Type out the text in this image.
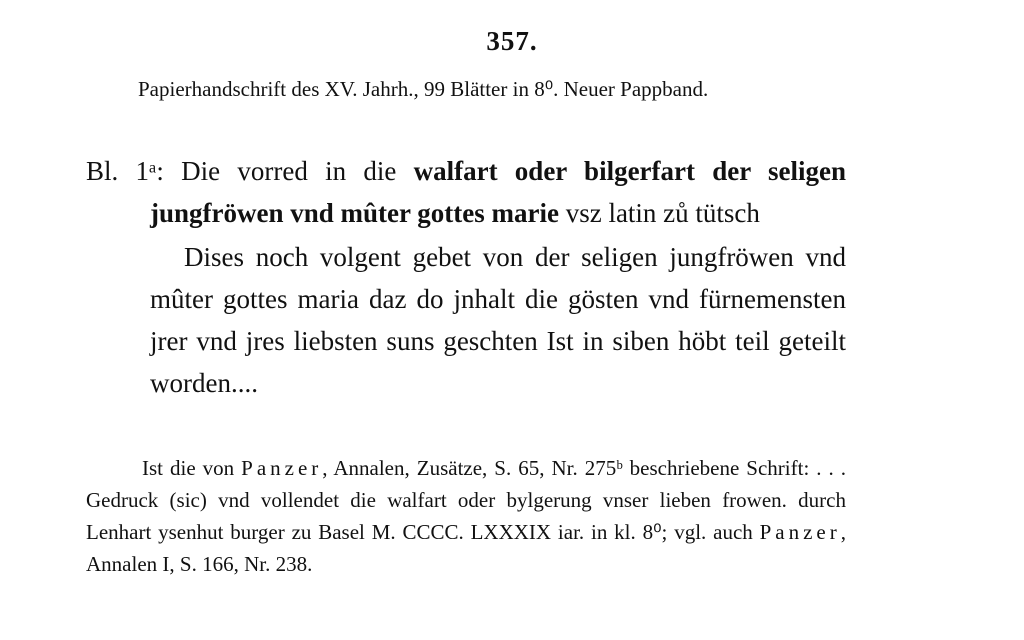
357.
Papierhandschrift des XV. Jahrh., 99 Blätter in 8⁰. Neuer Pappband.
Bl. 1ᵃ: Die vorred in die walfart oder bilgerfart der seligen jungfröwen vnd mûter gottes marie vsz latin zů tütsch
Dises noch volgent gebet von der seligen jungfröwen vnd mûter gottes maria daz do jnhalt die gösten vnd fürnemensten jrer vnd jres liebsten suns geschten Ist in siben höbt teil geteilt worden....
Ist die von Panzer, Annalen, Zusätze, S. 65, Nr. 275ᵇ beschriebene Schrift: . . . Gedruck (sic) vnd vollendet die walfart oder bylgerung vnser lieben frowen. durch Lenhart ysenhut burger zu Basel M. CCCC. LXXXIX iar. in kl. 8⁰; vgl. auch Panzer, Annalen I, S. 166, Nr. 238.
